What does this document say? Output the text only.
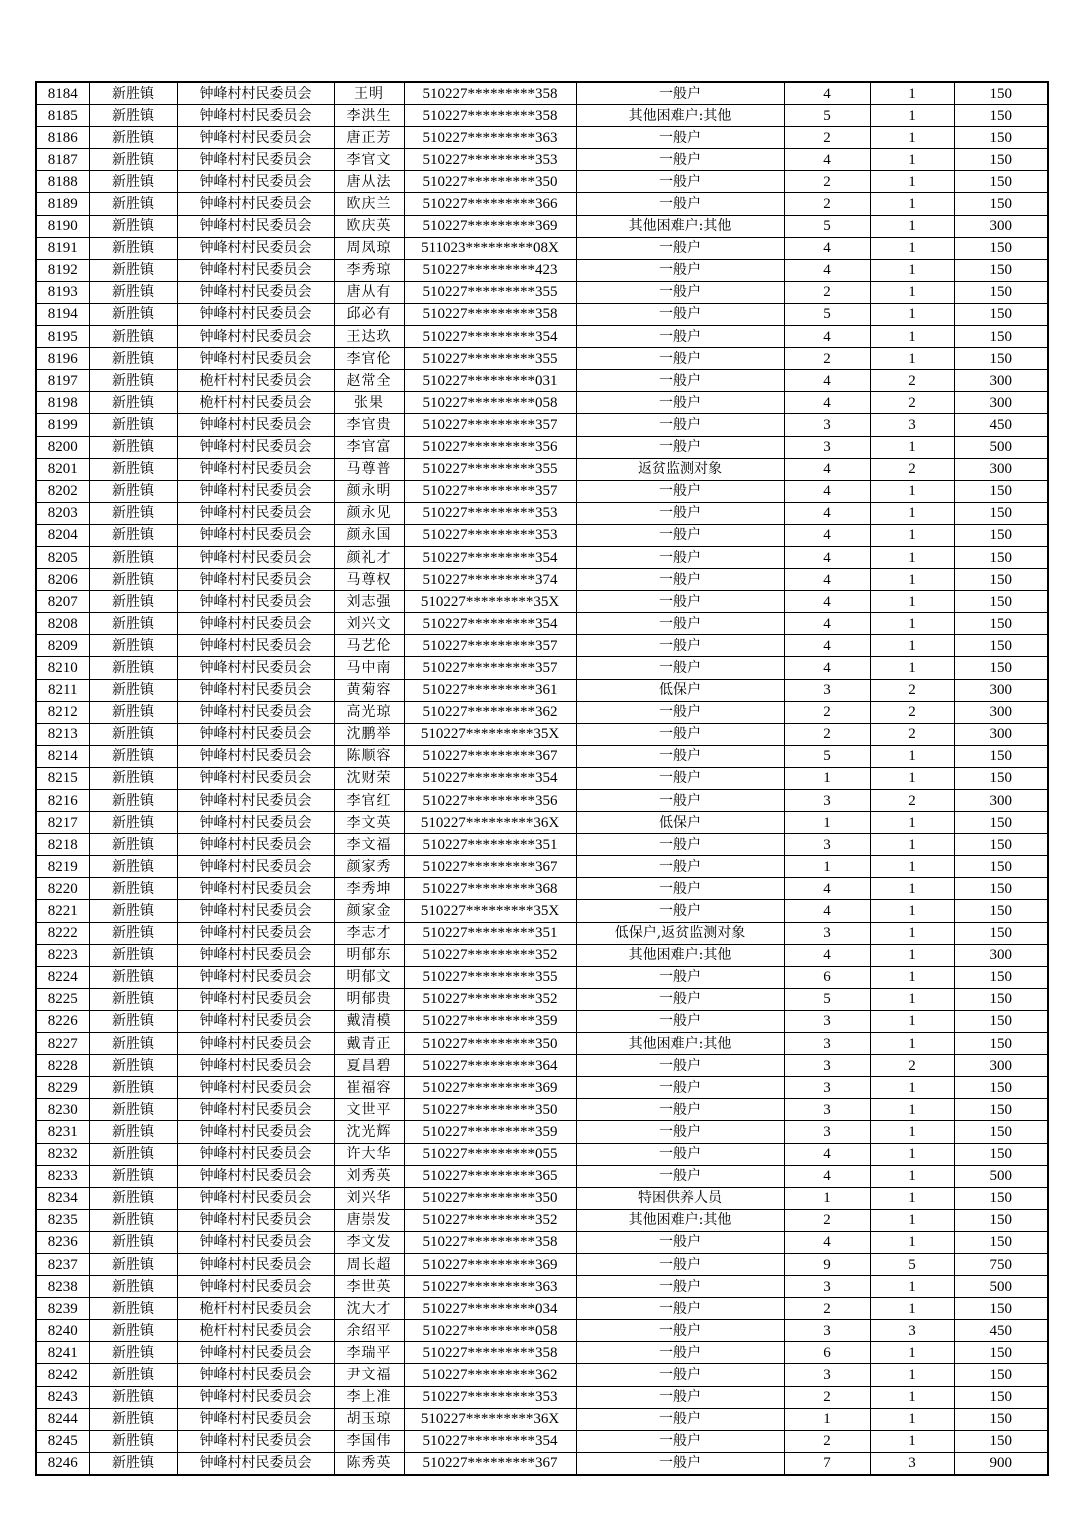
8184	新胜镇	钟峰村村民委员会	王明	510227*********358	一般户	4	1	150
8185	新胜镇	钟峰村村民委员会	李洪生	510227*********358	其他困难户:其他	5	1	150
8186	新胜镇	钟峰村村民委员会	唐正芳	510227*********363	一般户	2	1	150
8187	新胜镇	钟峰村村民委员会	李官文	510227*********353	一般户	4	1	150
8188	新胜镇	钟峰村村民委员会	唐从法	510227*********350	一般户	2	1	150
8189	新胜镇	钟峰村村民委员会	欧庆兰	510227*********366	一般户	2	1	150
8190	新胜镇	钟峰村村民委员会	欧庆英	510227*********369	其他困难户:其他	5	1	300
8191	新胜镇	钟峰村村民委员会	周凤琼	511023*********08X	一般户	4	1	150
8192	新胜镇	钟峰村村民委员会	李秀琼	510227*********423	一般户	4	1	150
8193	新胜镇	钟峰村村民委员会	唐从有	510227*********355	一般户	2	1	150
8194	新胜镇	钟峰村村民委员会	邱必有	510227*********358	一般户	5	1	150
8195	新胜镇	钟峰村村民委员会	王达玖	510227*********354	一般户	4	1	150
8196	新胜镇	钟峰村村民委员会	李官伦	510227*********355	一般户	2	1	150
8197	新胜镇	桅杆村村民委员会	赵常全	510227*********031	一般户	4	2	300
8198	新胜镇	桅杆村村民委员会	张果	510227*********058	一般户	4	2	300
8199	新胜镇	钟峰村村民委员会	李官贵	510227*********357	一般户	3	3	450
8200	新胜镇	钟峰村村民委员会	李官富	510227*********356	一般户	3	1	500
8201	新胜镇	钟峰村村民委员会	马尊普	510227*********355	返贫监测对象	4	2	300
8202	新胜镇	钟峰村村民委员会	颜永明	510227*********357	一般户	4	1	150
8203	新胜镇	钟峰村村民委员会	颜永见	510227*********353	一般户	4	1	150
8204	新胜镇	钟峰村村民委员会	颜永国	510227*********353	一般户	4	1	150
8205	新胜镇	钟峰村村民委员会	颜礼才	510227*********354	一般户	4	1	150
8206	新胜镇	钟峰村村民委员会	马尊权	510227*********374	一般户	4	1	150
8207	新胜镇	钟峰村村民委员会	刘志强	510227*********35X	一般户	4	1	150
8208	新胜镇	钟峰村村民委员会	刘兴文	510227*********354	一般户	4	1	150
8209	新胜镇	钟峰村村民委员会	马艺伦	510227*********357	一般户	4	1	150
8210	新胜镇	钟峰村村民委员会	马中南	510227*********357	一般户	4	1	150
8211	新胜镇	钟峰村村民委员会	黄菊容	510227*********361	低保户	3	2	300
8212	新胜镇	钟峰村村民委员会	高光琼	510227*********362	一般户	2	2	300
8213	新胜镇	钟峰村村民委员会	沈鹏举	510227*********35X	一般户	2	2	300
8214	新胜镇	钟峰村村民委员会	陈顺容	510227*********367	一般户	5	1	150
8215	新胜镇	钟峰村村民委员会	沈财荣	510227*********354	一般户	1	1	150
8216	新胜镇	钟峰村村民委员会	李官红	510227*********356	一般户	3	2	300
8217	新胜镇	钟峰村村民委员会	李文英	510227*********36X	低保户	1	1	150
8218	新胜镇	钟峰村村民委员会	李文福	510227*********351	一般户	3	1	150
8219	新胜镇	钟峰村村民委员会	颜家秀	510227*********367	一般户	1	1	150
8220	新胜镇	钟峰村村民委员会	李秀坤	510227*********368	一般户	4	1	150
8221	新胜镇	钟峰村村民委员会	颜家金	510227*********35X	一般户	4	1	150
8222	新胜镇	钟峰村村民委员会	李志才	510227*********351	低保户,返贫监测对象	3	1	150
8223	新胜镇	钟峰村村民委员会	明郁东	510227*********352	其他困难户:其他	4	1	300
8224	新胜镇	钟峰村村民委员会	明郁文	510227*********355	一般户	6	1	150
8225	新胜镇	钟峰村村民委员会	明郁贵	510227*********352	一般户	5	1	150
8226	新胜镇	钟峰村村民委员会	戴清模	510227*********359	一般户	3	1	150
8227	新胜镇	钟峰村村民委员会	戴青正	510227*********350	其他困难户:其他	3	1	150
8228	新胜镇	钟峰村村民委员会	夏昌碧	510227*********364	一般户	3	2	300
8229	新胜镇	钟峰村村民委员会	崔福容	510227*********369	一般户	3	1	150
8230	新胜镇	钟峰村村民委员会	文世平	510227*********350	一般户	3	1	150
8231	新胜镇	钟峰村村民委员会	沈光辉	510227*********359	一般户	3	1	150
8232	新胜镇	钟峰村村民委员会	许大华	510227*********055	一般户	4	1	150
8233	新胜镇	钟峰村村民委员会	刘秀英	510227*********365	一般户	4	1	500
8234	新胜镇	钟峰村村民委员会	刘兴华	510227*********350	特困供养人员	1	1	150
8235	新胜镇	钟峰村村民委员会	唐崇发	510227*********352	其他困难户:其他	2	1	150
8236	新胜镇	钟峰村村民委员会	李文发	510227*********358	一般户	4	1	150
8237	新胜镇	钟峰村村民委员会	周长超	510227*********369	一般户	9	5	750
8238	新胜镇	钟峰村村民委员会	李世英	510227*********363	一般户	3	1	500
8239	新胜镇	桅杆村村民委员会	沈大才	510227*********034	一般户	2	1	150
8240	新胜镇	桅杆村村民委员会	余绍平	510227*********058	一般户	3	3	450
8241	新胜镇	钟峰村村民委员会	李瑞平	510227*********358	一般户	6	1	150
8242	新胜镇	钟峰村村民委员会	尹文福	510227*********362	一般户	3	1	150
8243	新胜镇	钟峰村村民委员会	李上准	510227*********353	一般户	2	1	150
8244	新胜镇	钟峰村村民委员会	胡玉琼	510227*********36X	一般户	1	1	150
8245	新胜镇	钟峰村村民委员会	李国伟	510227*********354	一般户	2	1	150
8246	新胜镇	钟峰村村民委员会	陈秀英	510227*********367	一般户	7	3	900
